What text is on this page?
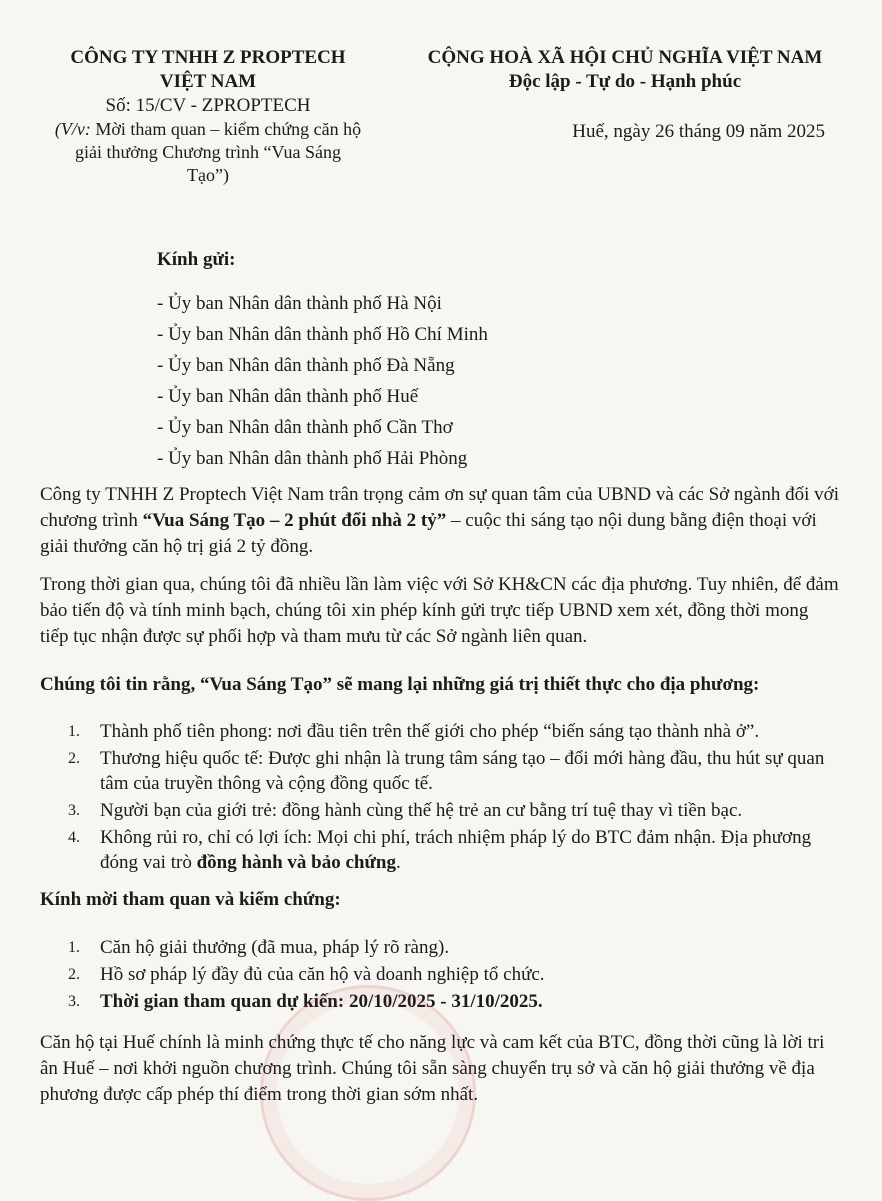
CÔNG TY TNHH Z PROPTECH
VIỆT NAM
Số: 15/CV - ZPROPTECH
(V/v: Mời tham quan – kiểm chứng căn hộ
giải thưởng Chương trình “Vua Sáng
Tạo”)
CỘNG HOÀ XÃ HỘI CHỦ NGHĨA VIỆT NAM
Độc lập - Tự do - Hạnh phúc
Huế, ngày 26 tháng 09 năm 2025
Kính gửi:
- Ủy ban Nhân dân thành phố Hà Nội
- Ủy ban Nhân dân thành phố Hồ Chí Minh
- Ủy ban Nhân dân thành phố Đà Nẵng
- Ủy ban Nhân dân thành phố Huế
- Ủy ban Nhân dân thành phố Cần Thơ
- Ủy ban Nhân dân thành phố Hải Phòng
Công ty TNHH Z Proptech Việt Nam trân trọng cảm ơn sự quan tâm của UBND và các Sở ngành đối với chương trình “Vua Sáng Tạo – 2 phút đổi nhà 2 tỷ” – cuộc thi sáng tạo nội dung bằng điện thoại với giải thưởng căn hộ trị giá 2 tỷ đồng.
Trong thời gian qua, chúng tôi đã nhiều lần làm việc với Sở KH&CN các địa phương. Tuy nhiên, để đảm bảo tiến độ và tính minh bạch, chúng tôi xin phép kính gửi trực tiếp UBND xem xét, đồng thời mong tiếp tục nhận được sự phối hợp và tham mưu từ các Sở ngành liên quan.
Chúng tôi tin rằng, “Vua Sáng Tạo” sẽ mang lại những giá trị thiết thực cho địa phương:
1.	Thành phố tiên phong: nơi đầu tiên trên thế giới cho phép “biến sáng tạo thành nhà ở”.
2.	Thương hiệu quốc tế: Được ghi nhận là trung tâm sáng tạo – đổi mới hàng đầu, thu hút sự quan tâm của truyền thông và cộng đồng quốc tế.
3.	Người bạn của giới trẻ: đồng hành cùng thế hệ trẻ an cư bằng trí tuệ thay vì tiền bạc.
4.	Không rủi ro, chỉ có lợi ích: Mọi chi phí, trách nhiệm pháp lý do BTC đảm nhận. Địa phương đóng vai trò đồng hành và bảo chứng.
Kính mời tham quan và kiểm chứng:
1.	Căn hộ giải thưởng (đã mua, pháp lý rõ ràng).
2.	Hồ sơ pháp lý đầy đủ của căn hộ và doanh nghiệp tổ chức.
3.	Thời gian tham quan dự kiến: 20/10/2025 - 31/10/2025.
Căn hộ tại Huế chính là minh chứng thực tế cho năng lực và cam kết của BTC, đồng thời cũng là lời tri ân Huế – nơi khởi nguồn chương trình. Chúng tôi sẵn sàng chuyển trụ sở và căn hộ giải thưởng về địa phương được cấp phép thí điểm trong thời gian sớm nhất.
